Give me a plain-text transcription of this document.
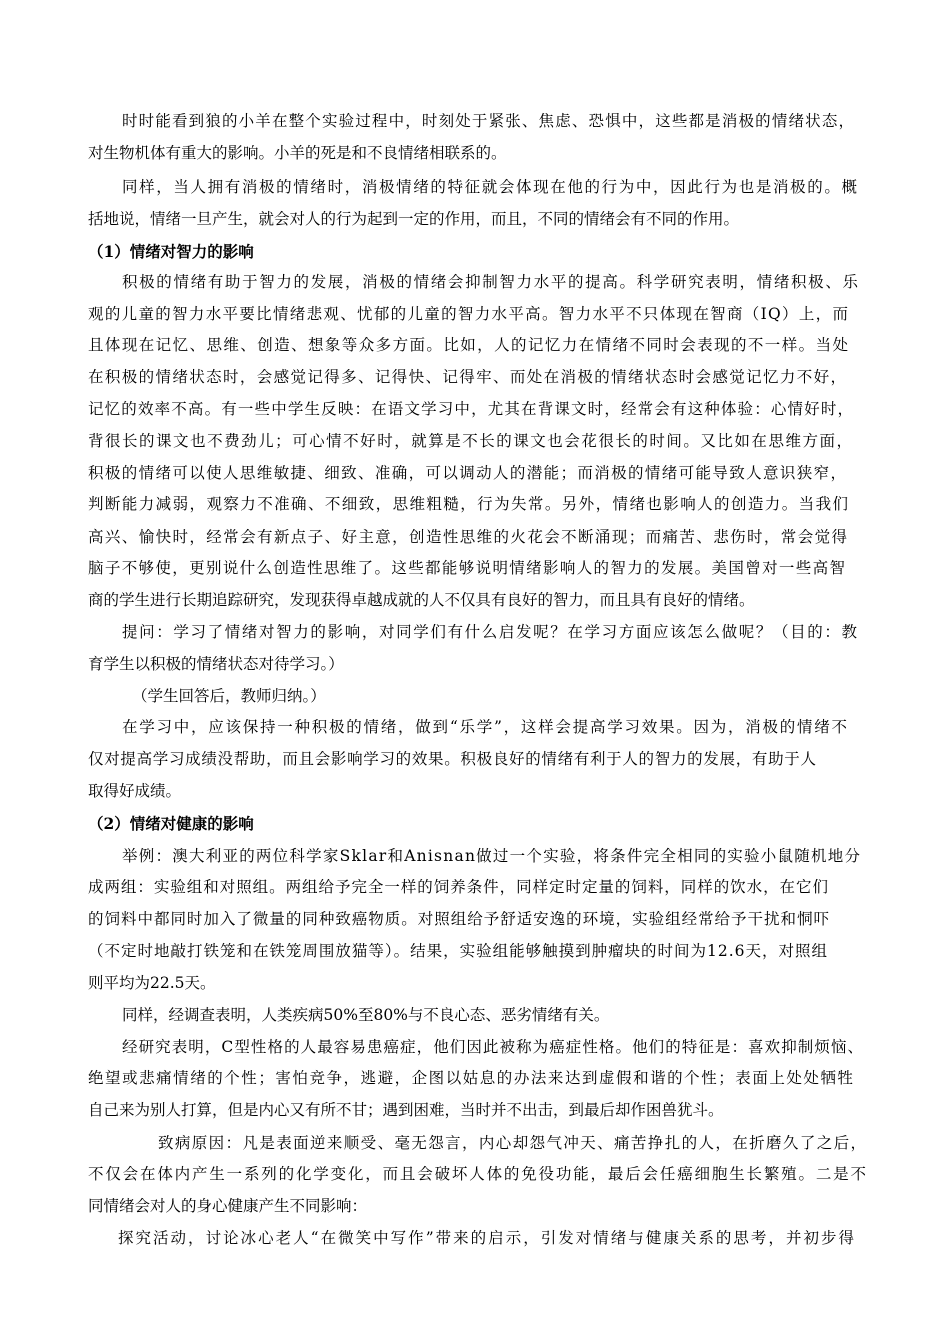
时时能看到狼的小羊在整个实验过程中，时刻处于紧张、焦虑、恐惧中，这些都是消极的情绪状态，
对生物机体有重大的影响。小羊的死是和不良情绪相联系的。
同样，当人拥有消极的情绪时，消极情绪的特征就会体现在他的行为中，因此行为也是消极的。概
括地说，情绪一旦产生，就会对人的行为起到一定的作用，而且，不同的情绪会有不同的作用。
（1）情绪对智力的影响
积极的情绪有助于智力的发展，消极的情绪会抑制智力水平的提高。科学研究表明，情绪积极、乐
观的儿童的智力水平要比情绪悲观、忧郁的儿童的智力水平高。智力水平不只体现在智商（IQ）上，而
且体现在记忆、思维、创造、想象等众多方面。比如，人的记忆力在情绪不同时会表现的不一样。当处
在积极的情绪状态时，会感觉记得多、记得快、记得牢、而处在消极的情绪状态时会感觉记忆力不好，
记忆的效率不高。有一些中学生反映：在语文学习中，尤其在背课文时，经常会有这种体验：心情好时，
背很长的课文也不费劲儿；可心情不好时，就算是不长的课文也会花很长的时间。又比如在思维方面，
积极的情绪可以使人思维敏捷、细致、准确，可以调动人的潜能；而消极的情绪可能导致人意识狭窄，
判断能力减弱，观察力不准确、不细致，思维粗糙，行为失常。另外，情绪也影响人的创造力。当我们
高兴、愉快时，经常会有新点子、好主意，创造性思维的火花会不断涌现；而痛苦、悲伤时，常会觉得
脑子不够使，更别说什么创造性思维了。这些都能够说明情绪影响人的智力的发展。美国曾对一些高智
商的学生进行长期追踪研究，发现获得卓越成就的人不仅具有良好的智力，而且具有良好的情绪。
提问：学习了情绪对智力的影响，对同学们有什么启发呢？在学习方面应该怎么做呢？（目的：教
育学生以积极的情绪状态对待学习。）
（学生回答后，教师归纳。）
在学习中，应该保持一种积极的情绪，做到“乐学”，这样会提高学习效果。因为，消极的情绪不
仅对提高学习成绩没帮助，而且会影响学习的效果。积极良好的情绪有利于人的智力的发展，有助于人
取得好成绩。
（2）情绪对健康的影响
举例：澳大利亚的两位科学家Sklar和Anisnan做过一个实验，将条件完全相同的实验小鼠随机地分
成两组：实验组和对照组。两组给予完全一样的饲养条件，同样定时定量的饲料，同样的饮水，在它们
的饲料中都同时加入了微量的同种致癌物质。对照组给予舒适安逸的环境，实验组经常给予干扰和恫吓
（不定时地敲打铁笼和在铁笼周围放猫等）。结果，实验组能够触摸到肿瘤块的时间为12.6天，对照组
则平均为22.5天。
同样，经调查表明，人类疾病50%至80%与不良心态、恶劣情绪有关。
经研究表明，C型性格的人最容易患癌症，他们因此被称为癌症性格。他们的特征是：喜欢抑制烦恼、
绝望或悲痛情绪的个性；害怕竞争，逃避，企图以姑息的办法来达到虚假和谐的个性；表面上处处牺牲
自己来为别人打算，但是内心又有所不甘；遇到困难，当时并不出击，到最后却作困兽犹斗。
致病原因：凡是表面逆来顺受、毫无怨言，内心却怨气冲天、痛苦挣扎的人，在折磨久了之后，
不仅会在体内产生一系列的化学变化，而且会破坏人体的免役功能，最后会任癌细胞生长繁殖。二是不
同情绪会对人的身心健康产生不同影响：
探究活动，讨论冰心老人“在微笑中写作”带来的启示，引发对情绪与健康关系的思考，并初步得
